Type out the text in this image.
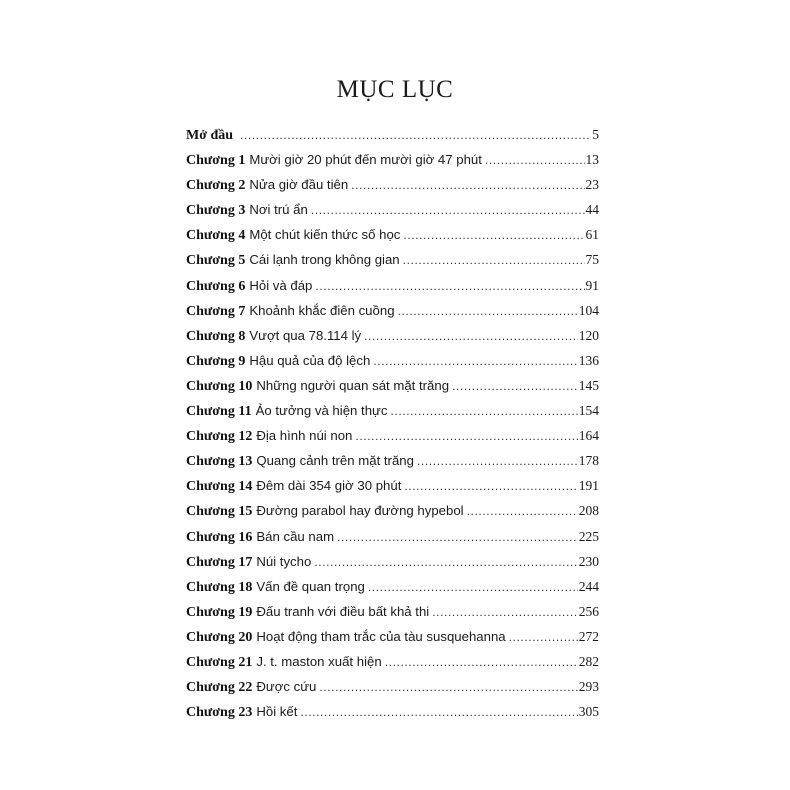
MỤC LỤC
Mở đầu .....	5
Chương 1 Mười giờ 20 phút đến mười giờ 47 phút .....	13
Chương 2 Nửa giờ đầu tiên .....	23
Chương 3 Nơi trú ẩn .....	44
Chương 4 Một chút kiến thức số học .....	61
Chương 5 Cái lạnh trong không gian .....	75
Chương 6 Hỏi và đáp .....	91
Chương 7 Khoảnh khắc điên cuồng .....	104
Chương 8 Vượt qua 78.114 lý .....	120
Chương 9 Hậu quả của độ lệch .....	136
Chương 10 Những người quan sát mặt trăng .....	145
Chương 11 Ảo tưởng và hiện thực .....	154
Chương 12 Địa hình núi non .....	164
Chương 13 Quang cảnh trên mặt trăng .....	178
Chương 14 Đêm dài 354 giờ 30 phút .....	191
Chương 15 Đường parabol hay đường hypebol .....	208
Chương 16 Bán cầu nam .....	225
Chương 17 Núi tycho .....	230
Chương 18 Vấn đề quan trọng .....	244
Chương 19 Đấu tranh với điều bất khả thi .....	256
Chương 20 Hoạt động tham trắc của tàu susquehanna .....	272
Chương 21 J. t. maston xuất hiện .....	282
Chương 22 Được cứu .....	293
Chương 23 Hồi kết .....	305
